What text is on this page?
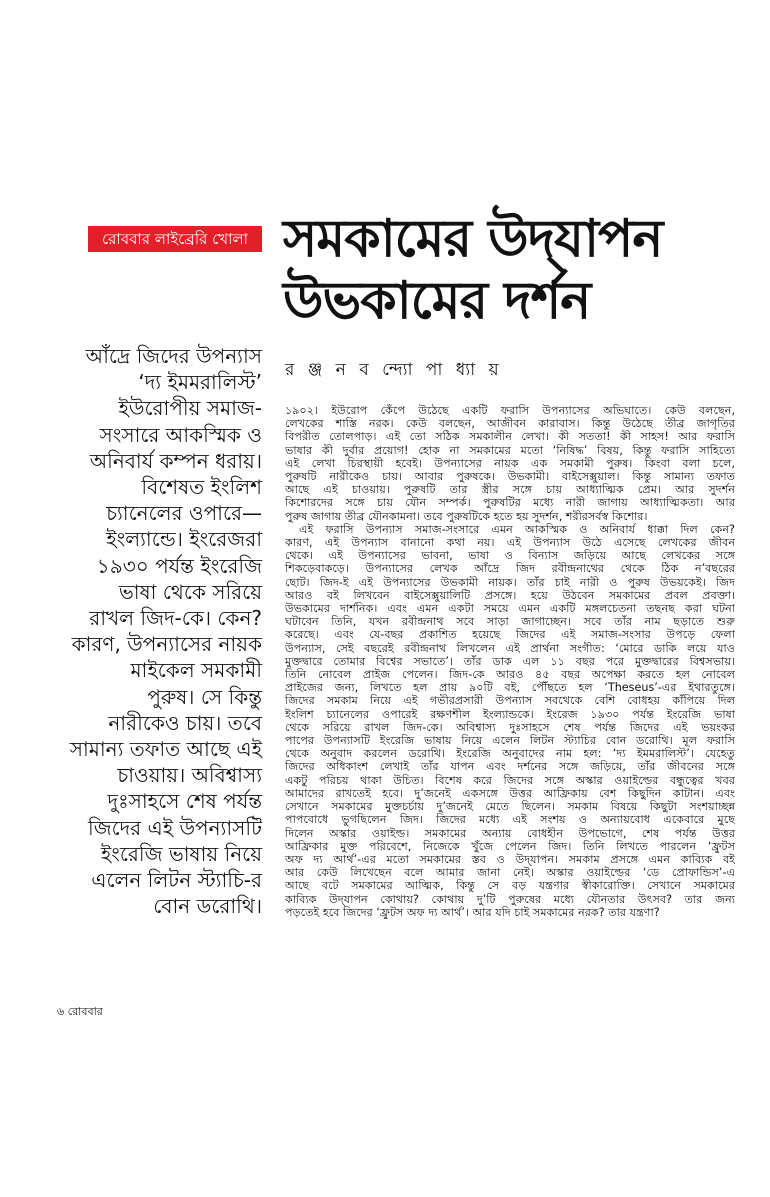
রোববার লাইব্রেরি খোলা সমকামের উদ্‌যাপন
উভকামের দর্শন
আঁদ্রে জিদের উপন্যাস
‘দ্য ইমমরালিস্ট’
ইউরোপীয় সমাজ-
সংসারে আকস্মিক ও
অনিবার্য কম্পন ধরায়।
বিশেষত ইংলিশ
চ্যানেলের ওপারে—
ইংল্যান্ডে। ইংরেজরা
১৯৩০ পর্যন্ত ইংরেজি
ভাষা থেকে সরিয়ে
রাখল জিদ-কে। কেন?
কারণ, উপন্যাসের নায়ক
মাইকেল সমকামী
পুরুষ। সে কিন্তু
নারীকেও চায়। তবে
সামান্য তফাত আছে এই
চাওয়ায়। অবিশ্বাস্য
দুঃসাহসে শেষ পর্যন্ত
জিদের এই উপন্যাসটি
ইংরেজি ভাষায় নিয়ে
এলেন লিটন স্ট্যাচি-র
বোন ডরোথি।
র ঞ্জ ন ব ন্দ্যো পা ধ্যা য়
১৯০২। ইউরোপ কেঁপে উঠেছে একটি ফরাসি উপন্যাসের অভিঘাতে। কেউ বলছেন,
লেখকের শাস্তি নরক। কেউ বলছেন, আজীবন কারাবাস। কিন্তু উঠেছে তীব্র জাগৃতির
বিপরীত তোলপাড়। এই তো সঠিক সমকালীন লেখা। কী সততা! কী সাহস! আর ফরাসি
ভাষার কী দুর্বার প্রয়োগ! হোক না সমকামের মতো ‘নিষিদ্ধ’ বিষয়, কিন্তু ফরাসি সাহিত্যে
এই লেখা চিরস্থায়ী হবেই। উপন্যাসের নায়ক এক সমকামী পুরুষ। কিংবা বলা চলে,
পুরুষটি নারীকেও চায়। আবার পুরুষকে। উভকামী। বাইসেক্সুয়াল। কিন্তু সামান্য তফাত
আছে এই চাওয়ায়। পুরুষটি তার স্ত্রীর সঙ্গে চায় আধ্যাত্মিক প্রেম। আর সুদর্শন
কিশোরদের সঙ্গে চায় যৌন সম্পর্ক। পুরুষটির মধ্যে নারী জাগায় আধ্যাত্মিকতা। আর
পুরুষ জাগায় তীব্র যৌনকামনা। তবে পুরুষটিকে হতে হয় সুদর্শন, শরীরসর্বস্ব কিশোর।
এই ফরাসি উপন্যাস সমাজ-সংসারে এমন আকস্মিক ও অনিবার্য ধাক্কা দিল কেন?
কারণ, এই উপন্যাস বানানো কথা নয়। এই উপন্যাস উঠে এসেছে লেখকের জীবন
থেকে। এই উপন্যাসের ভাবনা, ভাষা ও বিন্যাস জড়িয়ে আছে লেখকের সঙ্গে
শিকড়েবাকড়ে। উপন্যাসের লেখক আঁদ্রে জিদ রবীন্দ্রনাথের থেকে ঠিক ন’বছরের
ছোট। জিদ-ই এই উপন্যাসের উভকামী নায়ক। তাঁর চাই নারী ও পুরুষ উভয়কেই। জিদ
আরও বই লিখবেন বাইসেক্সুয়ালিটি প্রসঙ্গে। হয়ে উঠবেন সমকামের প্রবল প্রবক্তা।
উভকামের দার্শনিক। এবং এমন একটা সময়ে এমন একটি মঙ্গলচেতনা তছনছ করা ঘটনা
ঘটাবেন তিনি, যখন রবীন্দ্রনাথ সবে সাড়া জাগাচ্ছেন। সবে তাঁর নাম ছড়াতে শুরু
করেছে। এবং যে-বছর প্রকাশিত হয়েছে জিদের এই সমাজ-সংসার উপড়ে ফেলা
উপন্যাস, সেই বছরেই রবীন্দ্রনাথ লিখলেন এই প্রার্থনা সংগীত: ‘মোরে ডাকি লয়ে যাও
মুক্তদ্বারে তোমার বিশ্বের সভাতে’। তাঁর ডাক এল ১১ বছর পরে মুক্তদ্বারের বিশ্বসভায়।
তিনি নোবেল প্রাইজ পেলেন। জিদ-কে আরও ৪৫ বছর অপেক্ষা করতে হল নোবেল
প্রাইজের জন্য, লিখতে হল প্রায় ৯০টি বই, পৌঁছতে হল ‘Theseus’-এর ইথারতুঙ্গে।
জিদের সমকাম নিয়ে এই গভীরপ্রসারী উপন্যাস সবথেকে বেশি বোধহয় কাঁপিয়ে দিল
ইংলিশ চ্যানেলের ওপারেই রক্ষণশীল ইংল্যান্ডকে। ইংরেজ ১৯৩০ পর্যন্ত ইংরেজি ভাষা
থেকে সরিয়ে রাখল জিদ-কে। অবিশ্বাস্য দুঃসাহসে শেষ পর্যন্ত জিদের এই ভয়ংকর
পাপের উপন্যাসটি ইংরেজি ভাষায় নিয়ে এলেন লিটন স্ট্যাচির বোন ডরোথি। মূল ফরাসি
থেকে অনুবাদ করলেন ডরোথি। ইংরেজি অনুবাদের নাম হল: ‘দ্য ইমমরালিস্ট’। যেহেতু
জিদের অধিকাংশ লেখাই তাঁর যাপন এবং দর্শনের সঙ্গে জড়িয়ে, তাঁর জীবনের সঙ্গে
একটু পরিচয় থাকা উচিত। বিশেষ করে জিদের সঙ্গে অস্কার ওয়াইল্ডের বন্ধুত্বের খবর
আমাদের রাখতেই হবে। দু’জনেই একসঙ্গে উত্তর আফ্রিকায় বেশ কিছুদিন কাটান। এবং
সেখানে সমকামের মুক্তচর্চায় দু’জনেই মেতে ছিলেন। সমকাম বিষয়ে কিছুটা সংশয়াচ্ছন্ন
পাপবোধে ভুগছিলেন জিদ। জিদের মধ্যে এই সংশয় ও অন্যায়বোধ একেবারে মুছে
দিলেন অস্কার ওয়াইল্ড। সমকামের অন্যায় বোধহীন উপভোগে, শেষ পর্যন্ত উত্তর
আফ্রিকার মুক্ত পরিবেশে, নিজেকে খুঁজে পেলেন জিদ। তিনি লিখতে পারলেন ‘ফ্রুটস
অফ দ্য আর্থ’-এর মতো সমকামের স্তব ও উদ্‌যাপন। সমকাম প্রসঙ্গে এমন কাব্যিক বই
আর কেউ লিখেছেন বলে আমার জানা নেই। অস্কার ওয়াইল্ডের ‘ডে প্রোফান্ডিস’-এ
আছে বটে সমকামের আত্মিক, কিন্তু সে বড় যন্ত্রণার স্বীকারোক্তি। সেখানে সমকামের
কাব্যিক উদ্‌যাপন কোথায়? কোথায় দু’টি পুরুষের মধ্যে যৌনতার উৎসব? তার জন্য
পড়তেই হবে জিদের ‘ফ্রুটস অফ দ্য আর্থ’। আর যদি চাই সমকামের নরক? তার যন্ত্রণা?
৬ রোববার
